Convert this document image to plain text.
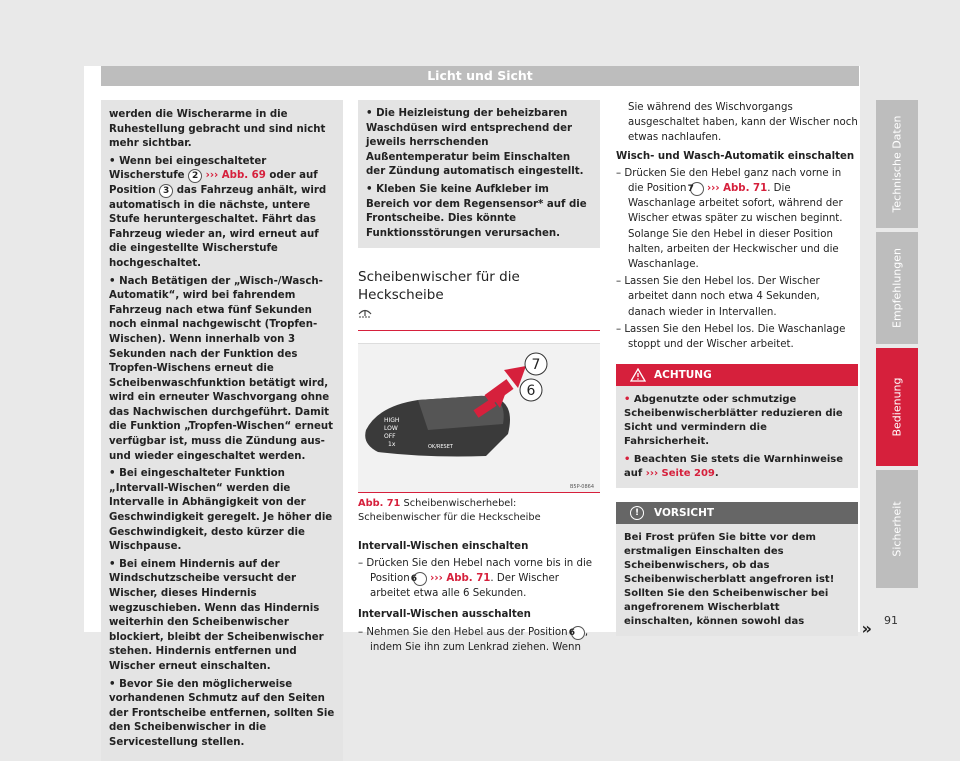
Licht und Sicht

werden die Wischerarme in die Ruhestellung gebracht und sind nicht mehr sichtbar.

• Wenn bei eingeschalteter Wischerstufe 2 ››› Abb. 69 oder auf Position 3 das Fahrzeug anhält, wird automatisch in die nächste, untere Stufe heruntergeschaltet. Fährt das Fahrzeug wieder an, wird erneut auf die eingestellte Wischerstufe hochgeschaltet.

• Nach Betätigen der „Wisch-/Wasch-Automatik“, wird bei fahrendem Fahrzeug nach etwa fünf Sekunden noch einmal nachgewischt (Tropfen-Wischen). Wenn innerhalb von 3 Sekunden nach der Funktion des Tropfen-Wischens erneut die Scheibenwaschfunktion betätigt wird, wird ein erneuter Waschvorgang ohne das Nachwischen durchgeführt. Damit die Funktion „Tropfen-Wischen“ erneut verfügbar ist, muss die Zündung aus- und wieder eingeschaltet werden.

• Bei eingeschalteter Funktion „Intervall-Wischen“ werden die Intervalle in Abhängigkeit von der Geschwindigkeit geregelt. Je höher die Geschwindigkeit, desto kürzer die Wischpause.

• Bei einem Hindernis auf der Windschutzscheibe versucht der Wischer, dieses Hindernis wegzuschieben. Wenn das Hindernis weiterhin den Scheibenwischer blockiert, bleibt der Scheibenwischer stehen. Hindernis entfernen und Wischer erneut einschalten.

• Bevor Sie den möglicherweise vorhandenen Schmutz auf den Seiten der Frontscheibe entfernen, sollten Sie den Scheibenwischer in die Servicestellung stellen.

• Die Heizleistung der beheizbaren Waschdüsen wird entsprechend der jeweils herrschenden Außentemperatur beim Einschalten der Zündung automatisch eingestellt.

• Kleben Sie keine Aufkleber im Bereich vor dem Regensensor* auf die Frontscheibe. Dies könnte Funktionsstörungen verursachen.

Scheibenwischer für die Heckscheibe
7
6
HIGH
LOW
OFF
1x	OK/RESET
B5P-0864
Abb. 71 Scheibenwischerhebel: Scheibenwischer für die Heckscheibe
Intervall-Wischen einschalten

– Drücken Sie den Hebel nach vorne bis in die Position 6 ››› Abb. 71. Der Wischer arbeitet etwa alle 6 Sekunden.

Intervall-Wischen ausschalten

– Nehmen Sie den Hebel aus der Position 6 , indem Sie ihn zum Lenkrad ziehen. Wenn

Sie während des Wischvorgangs ausgeschaltet haben, kann der Wischer noch etwas nachlaufen.

Wisch- und Wasch-Automatik einschalten

– Drücken Sie den Hebel ganz nach vorne in die Position 7 ››› Abb. 71. Die Waschanlage arbeitet sofort, während der Wischer etwas später zu wischen beginnt. Solange Sie den Hebel in dieser Position halten, arbeiten der Heckwischer und die Waschanlage.

– Lassen Sie den Hebel los. Der Wischer arbeitet dann noch etwa 4 Sekunden, danach wieder in Intervallen.

– Lassen Sie den Hebel los. Die Waschanlage stoppt und der Wischer arbeitet.

ACHTUNG

• Abgenutzte oder schmutzige Scheibenwischerblätter reduzieren die Sicht und vermindern die Fahrsicherheit.

• Beachten Sie stets die Warnhinweise auf ››› Seite 209.

!	VORSICHT

Bei Frost prüfen Sie bitte vor dem erstmaligen Einschalten des Scheibenwischers, ob das Scheibenwischerblatt angefroren ist! Sollten Sie den Scheibenwischer bei angefrorenem Wischerblatt einschalten, können sowohl das	»
Technische Daten
Empfehlungen
Bedienung
Sicherheit
91
